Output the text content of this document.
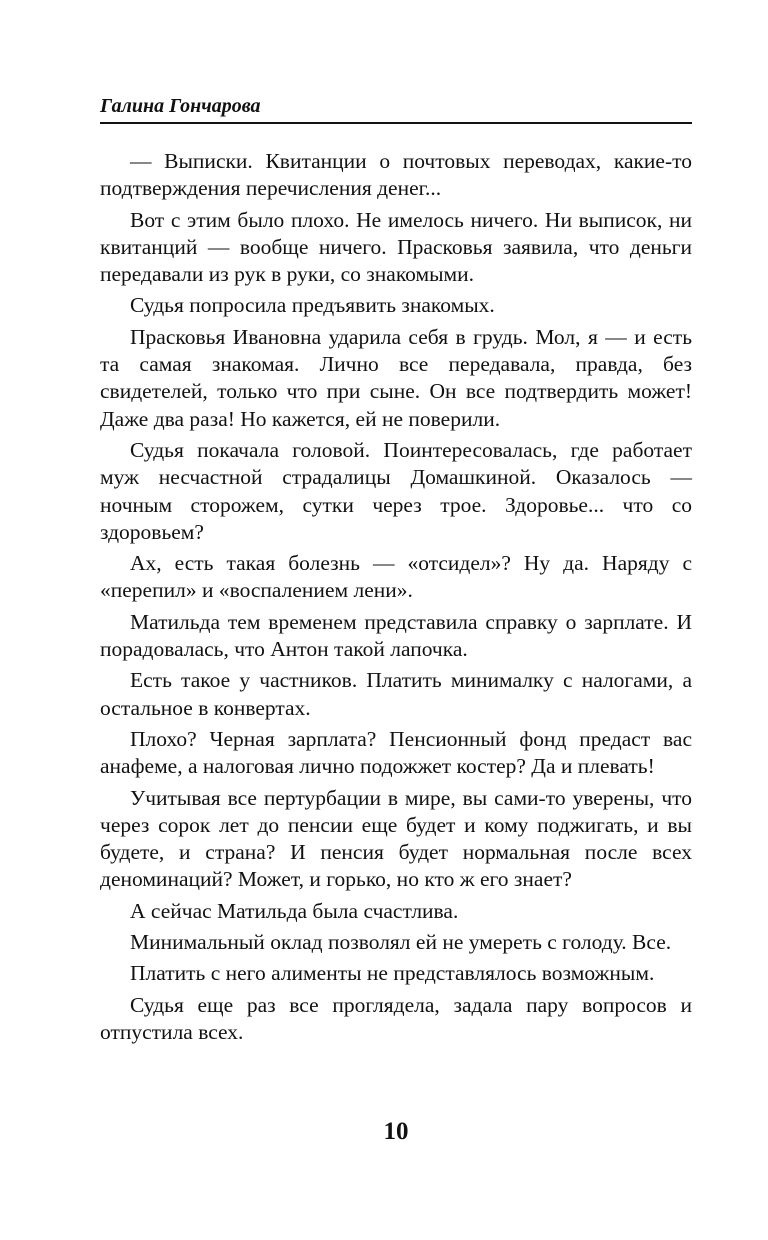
Галина Гончарова

— Выписки. Квитанции о почтовых переводах, какие-то подтверждения перечисления денег...

Вот с этим было плохо. Не имелось ничего. Ни выписок, ни квитанций — вообще ничего. Прасковья заявила, что деньги передавали из рук в руки, со знакомыми.

Судья попросила предъявить знакомых.

Прасковья Ивановна ударила себя в грудь. Мол, я — и есть та самая знакомая. Лично все передавала, правда, без свидетелей, только что при сыне. Он все подтвердить может! Даже два раза! Но кажется, ей не поверили.

Судья покачала головой. Поинтересовалась, где работает муж несчастной страдалицы Домашкиной. Оказалось — ночным сторожем, сутки через трое. Здоровье... что со здоровьем?

Ах, есть такая болезнь — «отсидел»? Ну да. Наряду с «перепил» и «воспалением лени».

Матильда тем временем представила справку о зарплате. И порадовалась, что Антон такой лапочка.

Есть такое у частников. Платить минималку с налогами, а остальное в конвертах.

Плохо? Черная зарплата? Пенсионный фонд предаст вас анафеме, а налоговая лично подожжет костер? Да и плевать!

Учитывая все пертурбации в мире, вы сами-то уверены, что через сорок лет до пенсии еще будет и кому поджигать, и вы будете, и страна? И пенсия будет нормальная после всех деноминаций? Может, и горько, но кто ж его знает?

А сейчас Матильда была счастлива.

Минимальный оклад позволял ей не умереть с голоду. Все.

Платить с него алименты не представлялось возможным.

Судья еще раз все проглядела, задала пару вопросов и отпустила всех.

10
